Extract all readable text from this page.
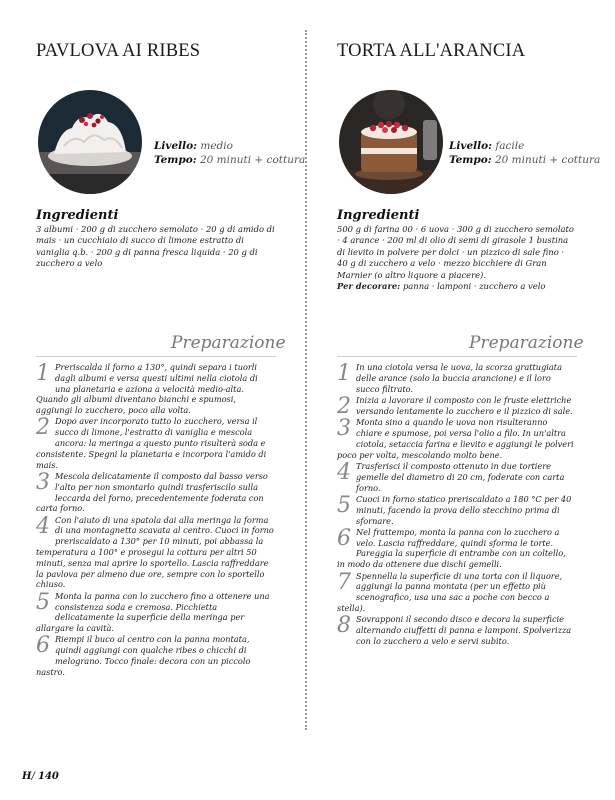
PAVLOVA AI RIBES
Livello: medio
Tempo: 20 minuti + cottura
Ingredienti

3 albumi · 200 g di zucchero semolato · 20 g di amido di mais · un cucchiaio di succo di limone estratto di vaniglia q.b. · 200 g di panna fresca liquida · 20 g di zucchero a velo

Preparazione
1 Preriscalda il forno a 130°, quindi separa i tuorli dagli albumi e versa questi ultimi nella ciotola di una planetaria e aziona a velocità medio-alta. Quando gli albumi diventano bianchi e spumosi, aggiungi lo zucchero, poco alla volta.
2 Dopo aver incorporato tutto lo zucchero, versa il succo di limone, l'estratto di vaniglia e mescola ancora: la meringa a questo punto risulterà soda e consistente. Spegni la planetaria e incorpora l'amido di mais.
3 Mescola delicatamente il composto dal basso verso l'alto per non smontarlo quindi trasferiscilo sulla leccarda del forno, precedentemente foderata con carta forno.
4 Con l'aiuto di una spatola dai alla meringa la forma di una montagnetta scavata al centro. Cuoci in forno preriscaldato a 130° per 10 minuti, poi abbassa la temperatura a 100° e prosegui la cottura per altri 50 minuti, senza mai aprire lo sportello. Lascia raffreddare la pavlova per almeno due ore, sempre con lo sportello chiuso.
5 Monta la panna con lo zucchero fino a ottenere una consistenza soda e cremosa. Picchietta delicatamente la superficie della meringa per allargare la cavità.
6 Riempi il buco al centro con la panna montata, quindi aggiungi con qualche ribes o chicchi di melograno. Tocco finale: decora con un piccolo nastro.
TORTA ALL'ARANCIA
Livello: facile
Tempo: 20 minuti + cottura
Ingredienti

500 g di farina 00 · 6 uova · 300 g di zucchero semolato · 4 arance · 200 ml di olio di semi di girasole 1 bustina di lievito in polvere per dolci · un pizzico di sale fino · 40 g di zucchero a velo · mezzo bicchiere di Gran Marnier (o altro liquore a piacere).

Per decorare: panna · lamponi · zucchero a velo

Preparazione
1 In una ciotola versa le uova, la scorza grattugiata delle arance (solo la buccia arancione) e il loro succo filtrato.
2 Inizia a lavorare il composto con le fruste elettriche versando lentamente lo zucchero e il pizzico di sale.
3 Monta sino a quando le uova non risulteranno chiare e spumose, poi versa l'olio a filo. In un'altra ciotola, setaccia farina e lievito e aggiungi le polveri poco per volta, mescolando molto bene.
4 Trasferisci il composto ottenuto in due tortiere gemelle del diametro di 20 cm, foderate con carta forno.
5 Cuoci in forno statico preriscaldato a 180 °C per 40 minuti, facendo la prova dello stecchino prima di sfornare.
6 Nel frattempo, monta la panna con lo zucchero a velo. Lascia raffreddare, quindi sforma le torte. Pareggia la superficie di entrambe con un coltello, in modo da ottenere due dischi gemelli.
7 Spennella la superficie di una torta con il liquore, aggiungi la panna montata (per un effetto più scenografico, usa una sac a poche con becco a stella).
8 Sovrapponi il secondo disco e decora la superficie alternando ciuffetti di panna e lamponi. Spolverizza con lo zucchero a velo e servi subito.
H/ 140
